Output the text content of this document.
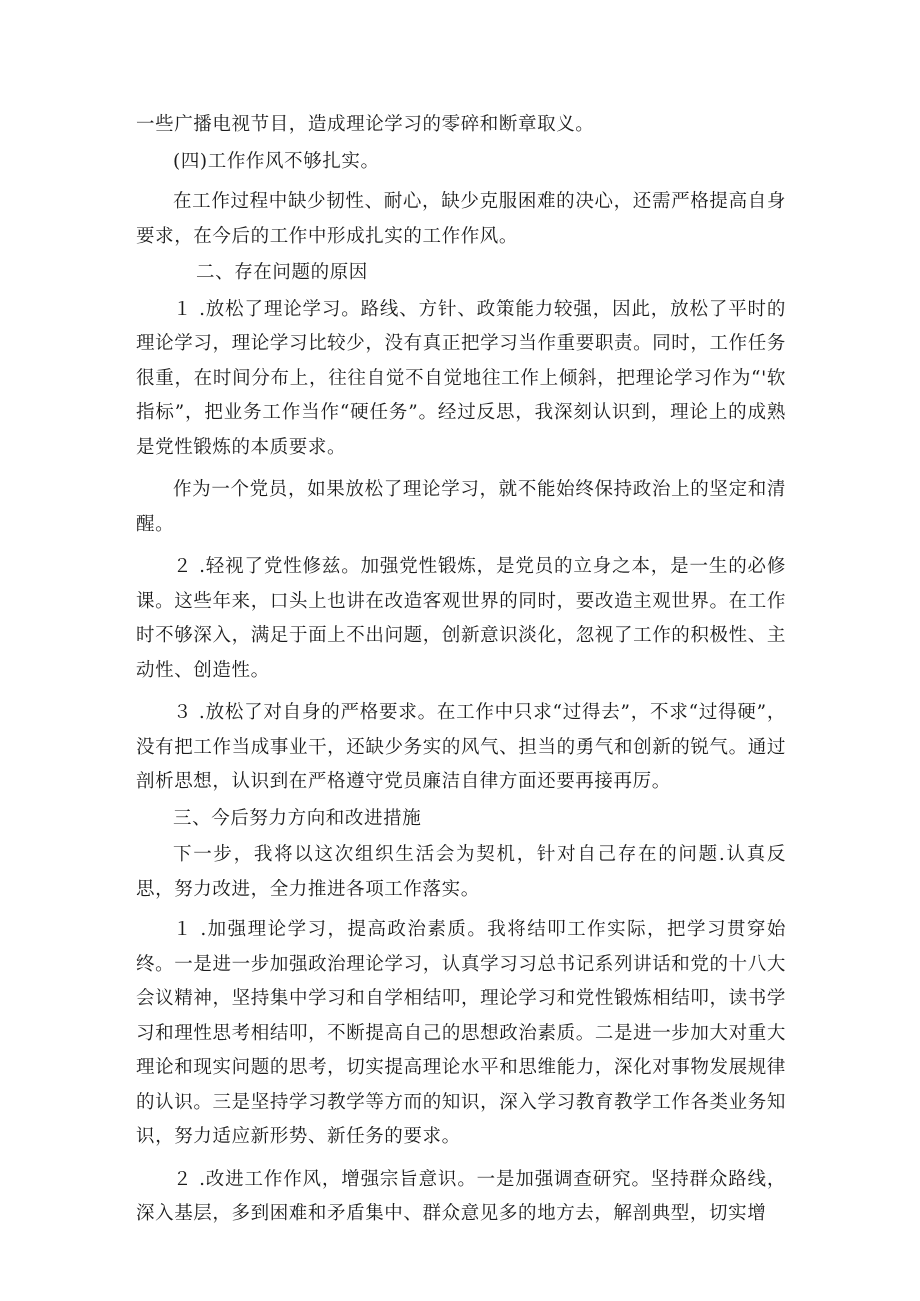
一些广播电视节目，造成理论学习的零碎和断章取义。

(四)工作作风不够扎实。

在工作过程中缺少韧性、耐心，缺少克服困难的决心，还需严格提高自身要求，在今后的工作中形成扎实的工作作风。

二、存在问题的原因

１ .放松了理论学习。路线、方针、政策能力较强，因此，放松了平时的理论学习，理论学习比较少，没有真正把学习当作重要职责。同时，工作任务很重，在时间分布上，往往自觉不自觉地往工作上倾斜，把理论学习作为“'软指标”，把业务工作当作“硬任务”。经过反思，我深刻认识到，理论上的成熟是党性锻炼的本质要求。

作为一个党员，如果放松了理论学习，就不能始终保持政治上的坚定和清醒。

２ .轻视了党性修兹。加强党性锻炼，是党员的立身之本，是一生的必修课。这些年来，口头上也讲在改造客观世界的同时，要改造主观世界。在工作时不够深入，满足于面上不出问题，创新意识淡化，忽视了工作的积极性、主动性、创造性。

３ .放松了对自身的严格要求。在工作中只求“过得去”，不求“过得硬”，没有把工作当成事业干，还缺少务实的风气、担当的勇气和创新的锐气。通过剖析思想，认识到在严格遵守党员廉洁自律方面还要再接再厉。

三、今后努力方向和改进措施

下一步，我将以这次组织生活会为契机，针对自己存在的问题.认真反思，努力改进，全力推进各项工作落实。

１ .加强理论学习，提高政治素质。我将结叩工作实际，把学习贯穿始终。一是进一步加强政治理论学习，认真学习习总书记系列讲话和党的十八大会议精神，坚持集中学习和自学相结叩，理论学习和党性锻炼相结叩，读书学习和理性思考相结叩，不断提高自己的思想政治素质。二是进一步加大对重大理论和现实问题的思考，切实提高理论水平和思维能力，深化对事物发展规律的认识。三是坚持学习教学等方而的知识，深入学习教育教学工作各类业务知识，努力适应新形势、新任务的要求。

２ .改进工作作风，增强宗旨意识。一是加强调查研究。坚持群众路线，深入基层，多到困难和矛盾集中、群众意见多的地方去，解剖典型，切实增
